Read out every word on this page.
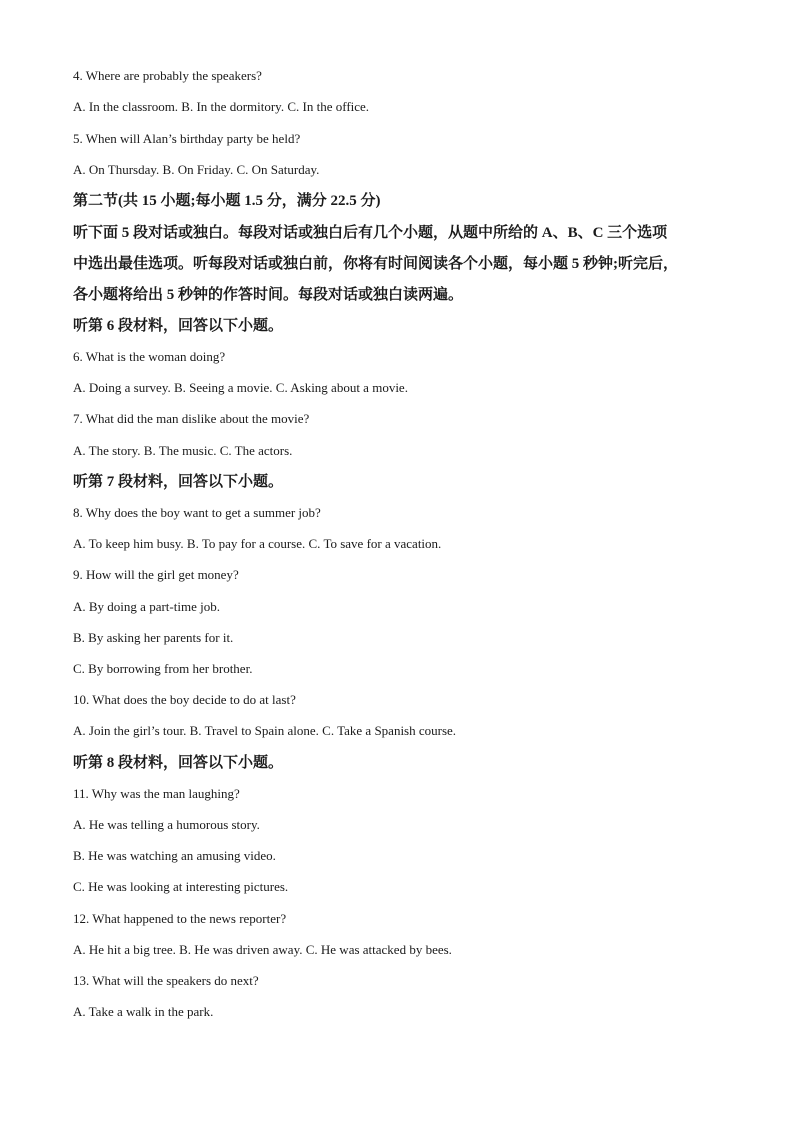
4. Where are probably the speakers?
A. In the classroom. B. In the dormitory. C. In the office.
5. When will Alan’s birthday party be held?
A. On Thursday. B. On Friday. C. On Saturday.
第二节(共 15 小题;每小题 1.5 分，满分 22.5 分)
听下面 5 段对话或独白。每段对话或独白后有几个小题，从题中所给的 A、B、C 三个选项
中选出最佳选项。听每段对话或独白前，你将有时间阅读各个小题，每小题 5 秒钟;听完后，
各小题将给出 5 秒钟的作答时间。每段对话或独白读两遍。
听第 6 段材料，回答以下小题。
6. What is the woman doing?
A. Doing a survey. B. Seeing a movie. C. Asking about a movie.
7. What did the man dislike about the movie?
A. The story. B. The music. C. The actors.
听第 7 段材料，回答以下小题。
8. Why does the boy want to get a summer job?
A. To keep him busy. B. To pay for a course. C. To save for a vacation.
9. How will the girl get money?
A. By doing a part-time job.
B. By asking her parents for it.
C. By borrowing from her brother.
10. What does the boy decide to do at last?
A. Join the girl’s tour. B. Travel to Spain alone. C. Take a Spanish course.
听第 8 段材料，回答以下小题。
11. Why was the man laughing?
A. He was telling a humorous story.
B. He was watching an amusing video.
C. He was looking at interesting pictures.
12. What happened to the news reporter?
A. He hit a big tree. B. He was driven away. C. He was attacked by bees.
13. What will the speakers do next?
A. Take a walk in the park.
